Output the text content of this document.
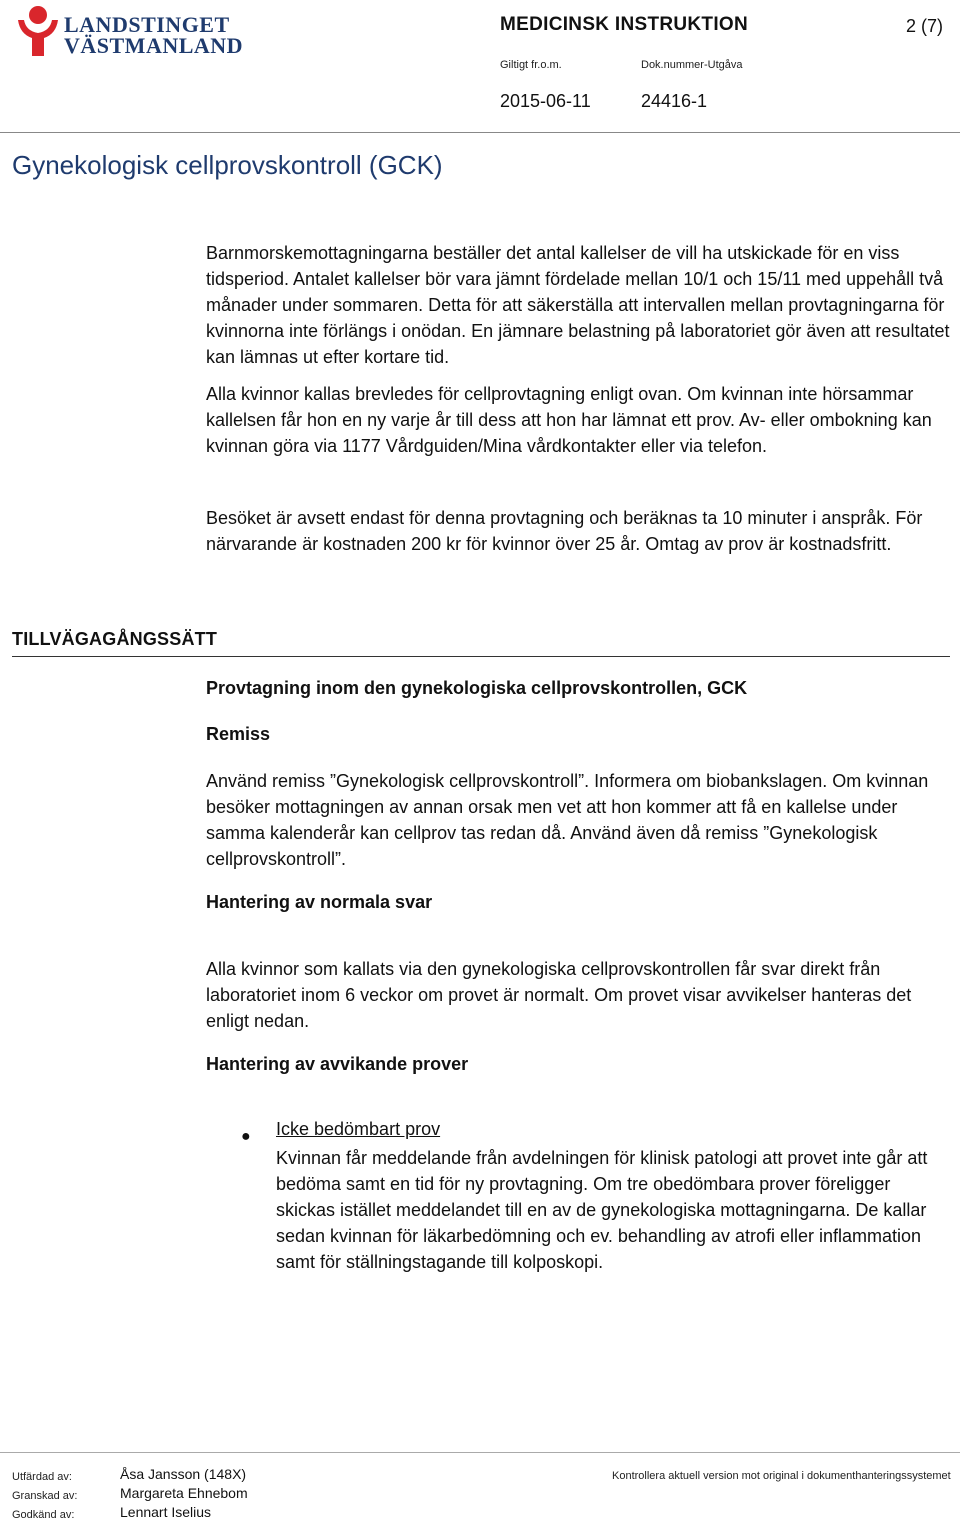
LANDSTINGET
VÄSTMANLAND
MEDICINSK INSTRUKTION	2 (7)
Giltigt fr.o.m.	Dok.nummer-Utgåva
2015-06-11	24416-1
Gynekologisk cellprovskontroll (GCK)
Barnmorskemottagningarna beställer det antal kallelser de vill ha utskickade för en viss tidsperiod. Antalet kallelser bör vara jämnt fördelade mellan 10/1 och 15/11 med uppehåll två månader under sommaren. Detta för att säkerställa att intervallen mellan provtagningarna för kvinnorna inte förlängs i onödan. En jämnare belastning på laboratoriet gör även att resultatet kan lämnas ut efter kortare tid.
Alla kvinnor kallas brevledes för cellprovtagning enligt ovan. Om kvinnan inte hörsammar kallelsen får hon en ny varje år till dess att hon har lämnat ett prov. Av- eller ombokning kan kvinnan göra via 1177 Vårdguiden/Mina vårdkontakter eller via telefon.
Besöket är avsett endast för denna provtagning och beräknas ta 10 minuter i anspråk. För närvarande är kostnaden 200 kr för kvinnor över 25 år. Omtag av prov är kostnadsfritt.
TILLVÄGAGÅNGSSÄTT
Provtagning inom den gynekologiska cellprovskontrollen, GCK
Remiss
Använd remiss ”Gynekologisk cellprovskontroll”. Informera om biobankslagen. Om kvinnan besöker mottagningen av annan orsak men vet att hon kommer att få en kallelse under samma kalenderår kan cellprov tas redan då. Använd även då remiss ”Gynekologisk cellprovskontroll”.
Hantering av normala svar
Alla kvinnor som kallats via den gynekologiska cellprovskontrollen får svar direkt från laboratoriet inom 6 veckor om provet är normalt. Om provet visar avvikelser hanteras det enligt nedan.
Hantering av avvikande prover
● Icke bedömbart prov
Kvinnan får meddelande från avdelningen för klinisk patologi att provet inte går att bedöma samt en tid för ny provtagning. Om tre obedömbara prover föreligger skickas istället meddelandet till en av de gynekologiska mottagningarna. De kallar sedan kvinnan för läkarbedömning och ev. behandling av atrofi eller inflammation samt för ställningstagande till kolposkopi.
Utfärdad av:	Åsa Jansson (148X)
Granskad av:	Margareta Ehnebom
Godkänd av:	Lennart Iselius
Kontrollera aktuell version mot original i dokumenthanteringssystemet
